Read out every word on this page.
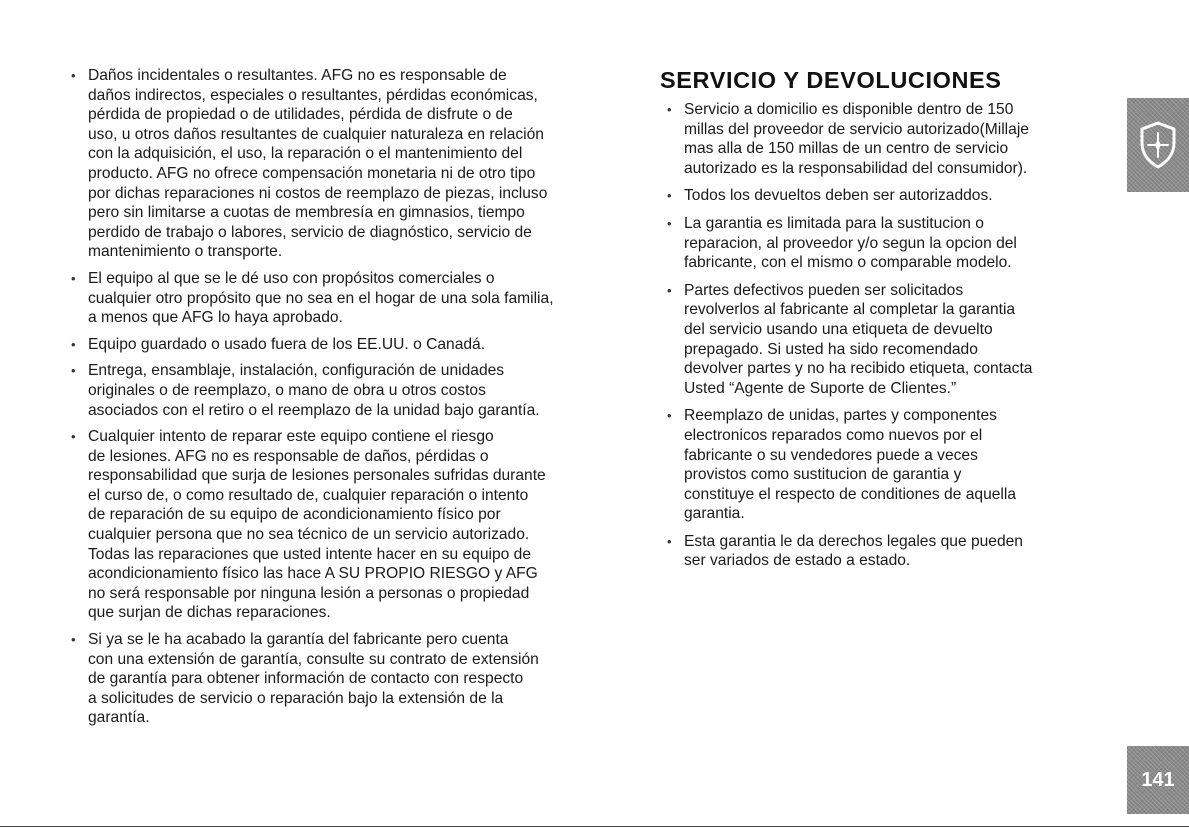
• Daños incidentales o resultantes. AFG no es responsable de
daños indirectos, especiales o resultantes, pérdidas económicas,
pérdida de propiedad o de utilidades, pérdida de disfrute o de
uso, u otros daños resultantes de cualquier naturaleza en relación
con la adquisición, el uso, la reparación o el mantenimiento del
producto. AFG no ofrece compensación monetaria ni de otro tipo
por dichas reparaciones ni costos de reemplazo de piezas, incluso
pero sin limitarse a cuotas de membresía en gimnasios, tiempo
perdido de trabajo o labores, servicio de diagnóstico, servicio de
mantenimiento o transporte.
• El equipo al que se le dé uso con propósitos comerciales o
cualquier otro propósito que no sea en el hogar de una sola familia,
a menos que AFG lo haya aprobado.
• Equipo guardado o usado fuera de los EE.UU. o Canadá.
• Entrega, ensamblaje, instalación, configuración de unidades
originales o de reemplazo, o mano de obra u otros costos
asociados con el retiro o el reemplazo de la unidad bajo garantía.
• Cualquier intento de reparar este equipo contiene el riesgo
de lesiones. AFG no es responsable de daños, pérdidas o
responsabilidad que surja de lesiones personales sufridas durante
el curso de, o como resultado de, cualquier reparación o intento
de reparación de su equipo de acondicionamiento físico por
cualquier persona que no sea técnico de un servicio autorizado.
Todas las reparaciones que usted intente hacer en su equipo de
acondicionamiento físico las hace A SU PROPIO RIESGO y AFG
no será responsable por ninguna lesión a personas o propiedad
que surjan de dichas reparaciones.
• Si ya se le ha acabado la garantía del fabricante pero cuenta
con una extensión de garantía, consulte su contrato de extensión
de garantía para obtener información de contacto con respecto
a solicitudes de servicio o reparación bajo la extensión de la
garantía.
SERVICIO Y DEVOLUCIONES
• Servicio a domicilio es disponible dentro de 150
millas del proveedor de servicio autorizado(Millaje
mas alla de 150 millas de un centro de servicio
autorizado es la responsabilidad del consumidor).
• Todos los devueltos deben ser autorizaddos.
• La garantia es limitada para la sustitucion o
reparacion, al proveedor y/o segun la opcion del
fabricante, con el mismo o comparable modelo.
• Partes defectivos pueden ser solicitados
revolverlos al fabricante al completar la garantia
del servicio usando una etiqueta de devuelto
prepagado. Si usted ha sido recomendado
devolver partes y no ha recibido etiqueta, contacta
Usted “Agente de Suporte de Clientes.”
• Reemplazo de unidas, partes y componentes
electronicos reparados como nuevos por el
fabricante o su vendedores puede a veces
provistos como sustitucion de garantia y
constituye el respecto de conditiones de aquella
garantia.
• Esta garantia le da derechos legales que pueden
ser variados de estado a estado.
141
